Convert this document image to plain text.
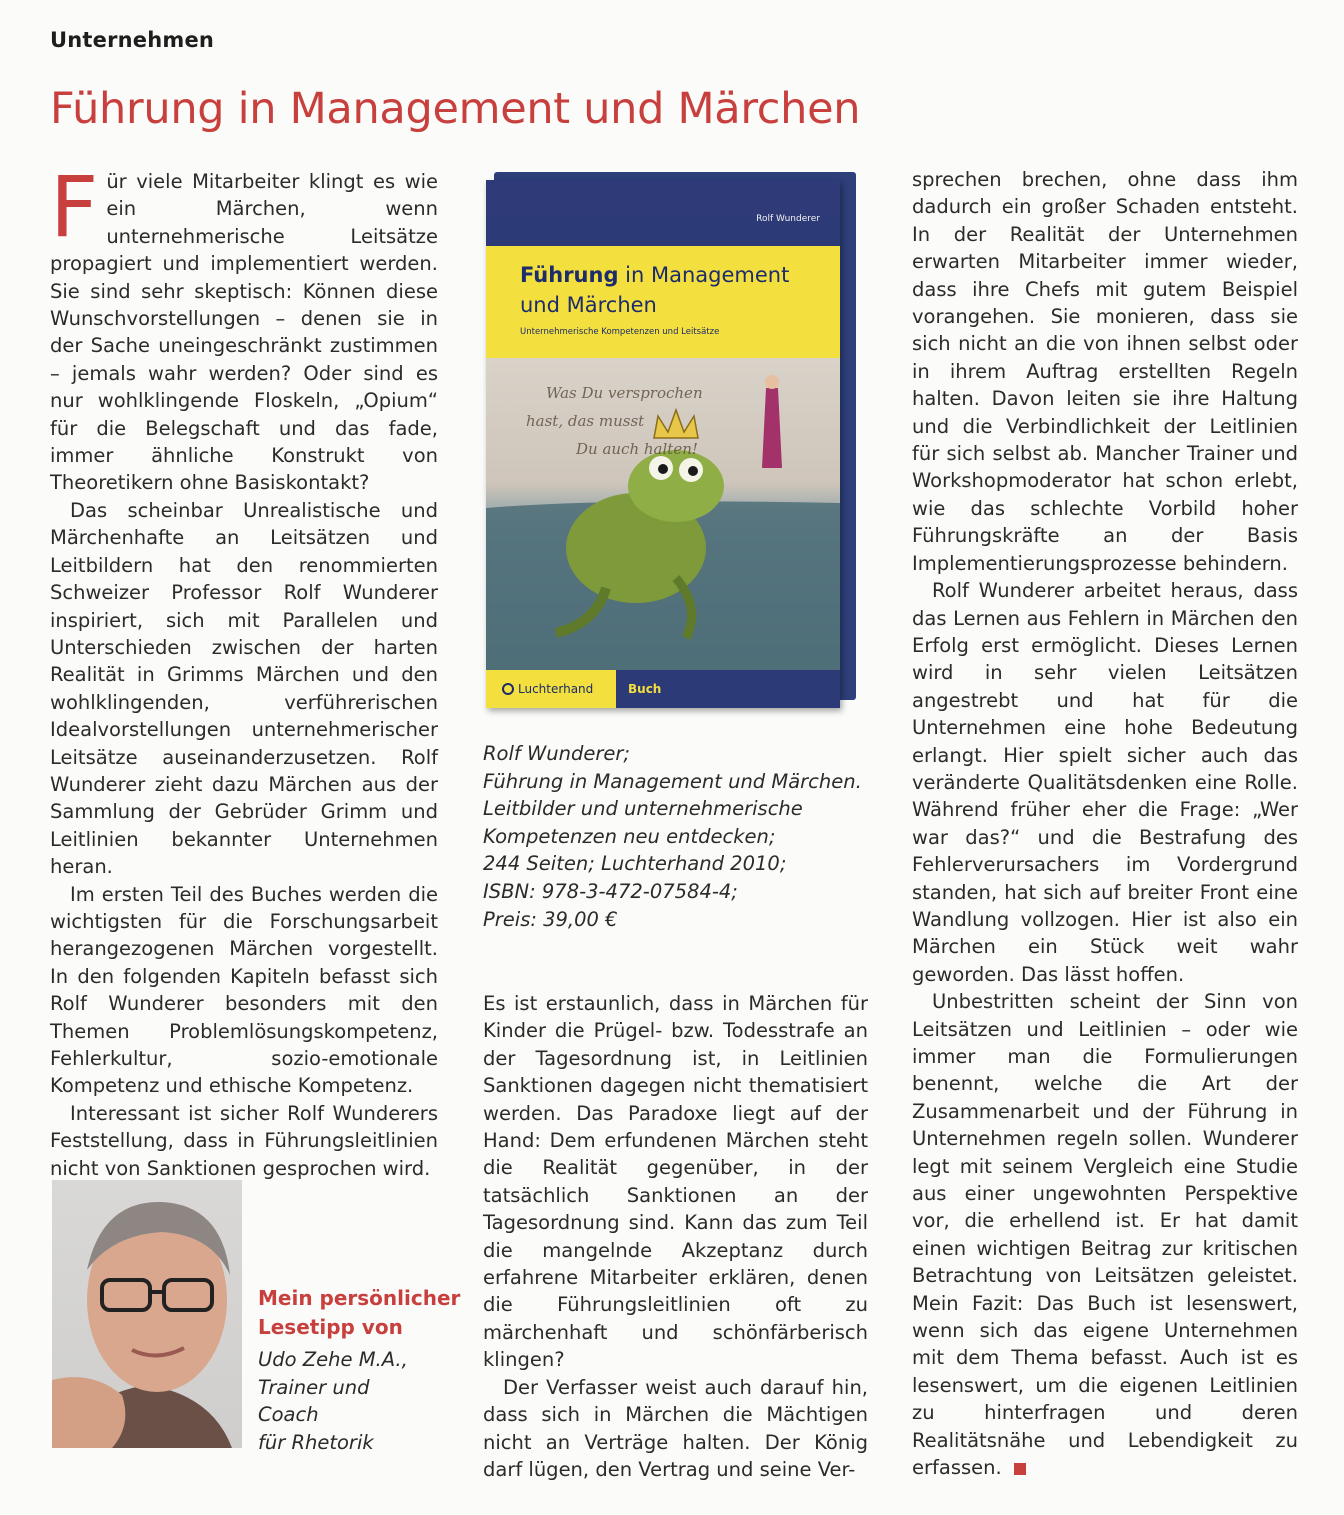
Unternehmen
Führung in Management und Märchen

Für viele Mitarbeiter klingt es wie ein Märchen, wenn unternehmerische Leitsätze propagiert und implementiert werden. Sie sind sehr skeptisch: Können diese Wunschvorstellungen – denen sie in der Sache uneingeschränkt zustimmen – jemals wahr werden? Oder sind es nur wohlklingende Floskeln, „Opium“ für die Belegschaft und das fade, immer ähnliche Konstrukt von Theoretikern ohne Basiskontakt?

Das scheinbar Unrealistische und Märchenhafte an Leitsätzen und Leitbildern hat den renommierten Schweizer Professor Rolf Wunderer inspiriert, sich mit Parallelen und Unterschieden zwischen der harten Realität in Grimms Märchen und den wohlklingenden, verführerischen Idealvorstellungen unternehmerischer Leitsätze auseinanderzusetzen. Rolf Wunderer zieht dazu Märchen aus der Sammlung der Gebrüder Grimm und Leitlinien bekannter Unternehmen heran.

Im ersten Teil des Buches werden die wichtigsten für die Forschungsarbeit herangezogenen Märchen vorgestellt. In den folgenden Kapiteln befasst sich Rolf Wunderer besonders mit den Themen Problemlösungskompetenz, Fehlerkultur, sozio-emotionale Kompetenz und ethische Kompetenz.

Interessant ist sicher Rolf Wunderers Feststellung, dass in Führungsleitlinien nicht von Sanktionen gesprochen wird.

Rolf Wunderer
Führung in Management
und Märchen
Unternehmerische Kompetenzen und Leitsätze
Was Du versprochen
hast, das musst
Du auch halten!
Luchterhand	Buch
Rolf Wunderer;
Führung in Management und Märchen.
Leitbilder und unternehmerische
Kompetenzen neu entdecken;
244 Seiten; Luchterhand 2010;
ISBN: 978-3-472-07584-4;
Preis: 39,00 €

Es ist erstaunlich, dass in Märchen für Kinder die Prügel- bzw. Todesstrafe an der Tagesordnung ist, in Leitlinien Sanktionen dagegen nicht thematisiert werden. Das Paradoxe liegt auf der Hand: Dem erfundenen Märchen steht die Realität gegenüber, in der tatsächlich Sanktionen an der Tagesordnung sind. Kann das zum Teil die mangelnde Akzeptanz durch erfahrene Mitarbeiter erklären, denen die Führungsleitlinien oft zu märchenhaft und schönfärberisch klingen?

Der Verfasser weist auch darauf hin, dass sich in Märchen die Mächtigen nicht an Verträge halten. Der König darf lügen, den Vertrag und seine Ver-

sprechen brechen, ohne dass ihm dadurch ein großer Schaden entsteht. In der Realität der Unternehmen erwarten Mitarbeiter immer wieder, dass ihre Chefs mit gutem Beispiel vorangehen. Sie monieren, dass sie sich nicht an die von ihnen selbst oder in ihrem Auftrag erstellten Regeln halten. Davon leiten sie ihre Haltung und die Verbindlichkeit der Leitlinien für sich selbst ab. Mancher Trainer und Workshopmoderator hat schon erlebt, wie das schlechte Vorbild hoher Führungskräfte an der Basis Implementierungsprozesse behindern.

Rolf Wunderer arbeitet heraus, dass das Lernen aus Fehlern in Märchen den Erfolg erst ermöglicht. Dieses Lernen wird in sehr vielen Leitsätzen angestrebt und hat für die Unternehmen eine hohe Bedeutung erlangt. Hier spielt sicher auch das veränderte Qualitätsdenken eine Rolle. Während früher eher die Frage: „Wer war das?“ und die Bestrafung des Fehlerverursachers im Vordergrund standen, hat sich auf breiter Front eine Wandlung vollzogen. Hier ist also ein Märchen ein Stück weit wahr geworden. Das lässt hoffen.

Unbestritten scheint der Sinn von Leitsätzen und Leitlinien – oder wie immer man die Formulierungen benennt, welche die Art der Zusammenarbeit und der Führung in Unternehmen regeln sollen. Wunderer legt mit seinem Vergleich eine Studie aus einer ungewohnten Perspektive vor, die erhellend ist. Er hat damit einen wichtigen Beitrag zur kritischen Betrachtung von Leitsätzen geleistet. Mein Fazit: Das Buch ist lesenswert, wenn sich das eigene Unternehmen mit dem Thema befasst. Auch ist es lesenswert, um die eigenen Leitlinien zu hinterfragen und deren Realitätsnähe und Lebendigkeit zu erfassen.

Mein persönlicher
Lesetipp von
Udo Zehe M.A.,
Trainer und
Coach
für Rhetorik
